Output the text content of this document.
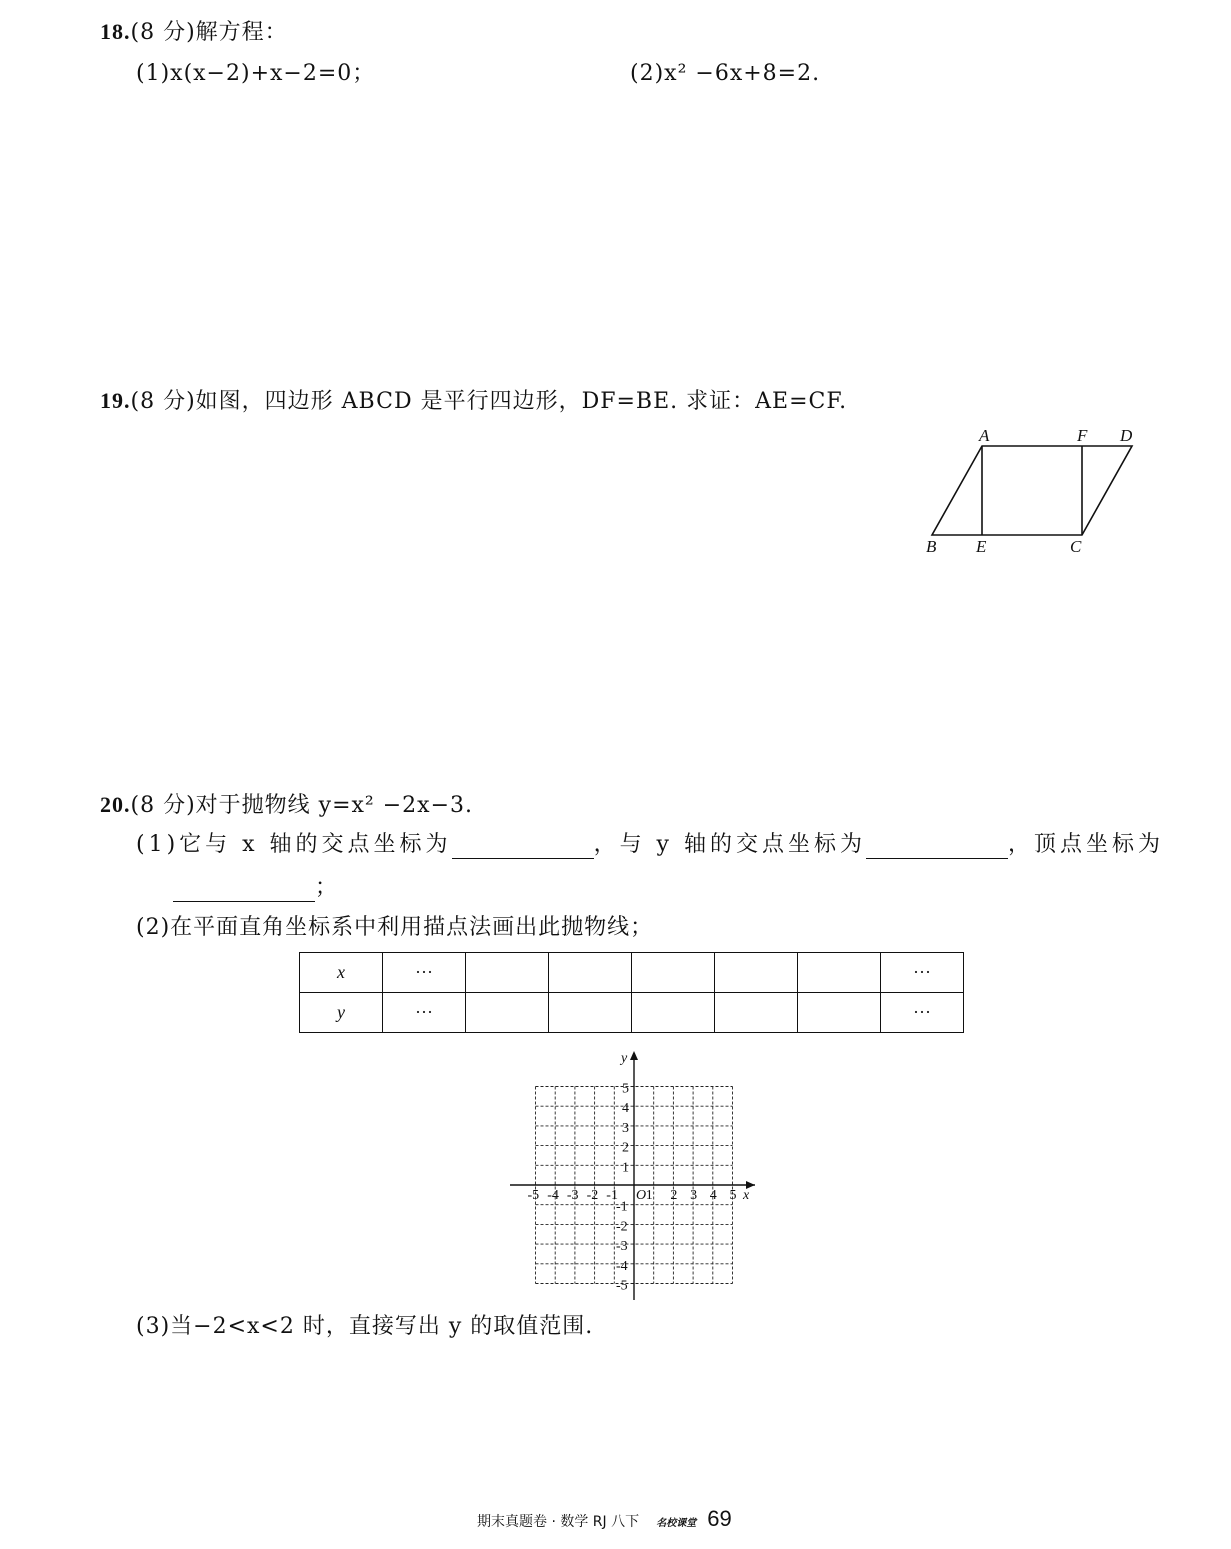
18.(8 分)解方程：
(1)x(x−2)+x−2=0；	(2)x² −6x+8=2.
19.(8 分)如图，四边形 ABCD 是平行四边形，DF=BE. 求证：AE=CF.
A	F D
B E	C
20.(8 分)对于抛物线 y=x² −2x−3.
(1)它与 x 轴的交点坐标为	，与 y 轴的交点坐标为	，顶点坐标为
；
(2)在平面直角坐标系中利用描点法画出此抛物线；
x	···						···
y	···						···
x
y
O
-5 -4 -3 -2 -1 1 2 3 4 5
5
4
3
2
1
-1
-2
-3
-4
-5
(3)当−2<x<2 时，直接写出 y 的取值范围.
期末真题卷 · 数学 RJ 八下 名校课堂 69
